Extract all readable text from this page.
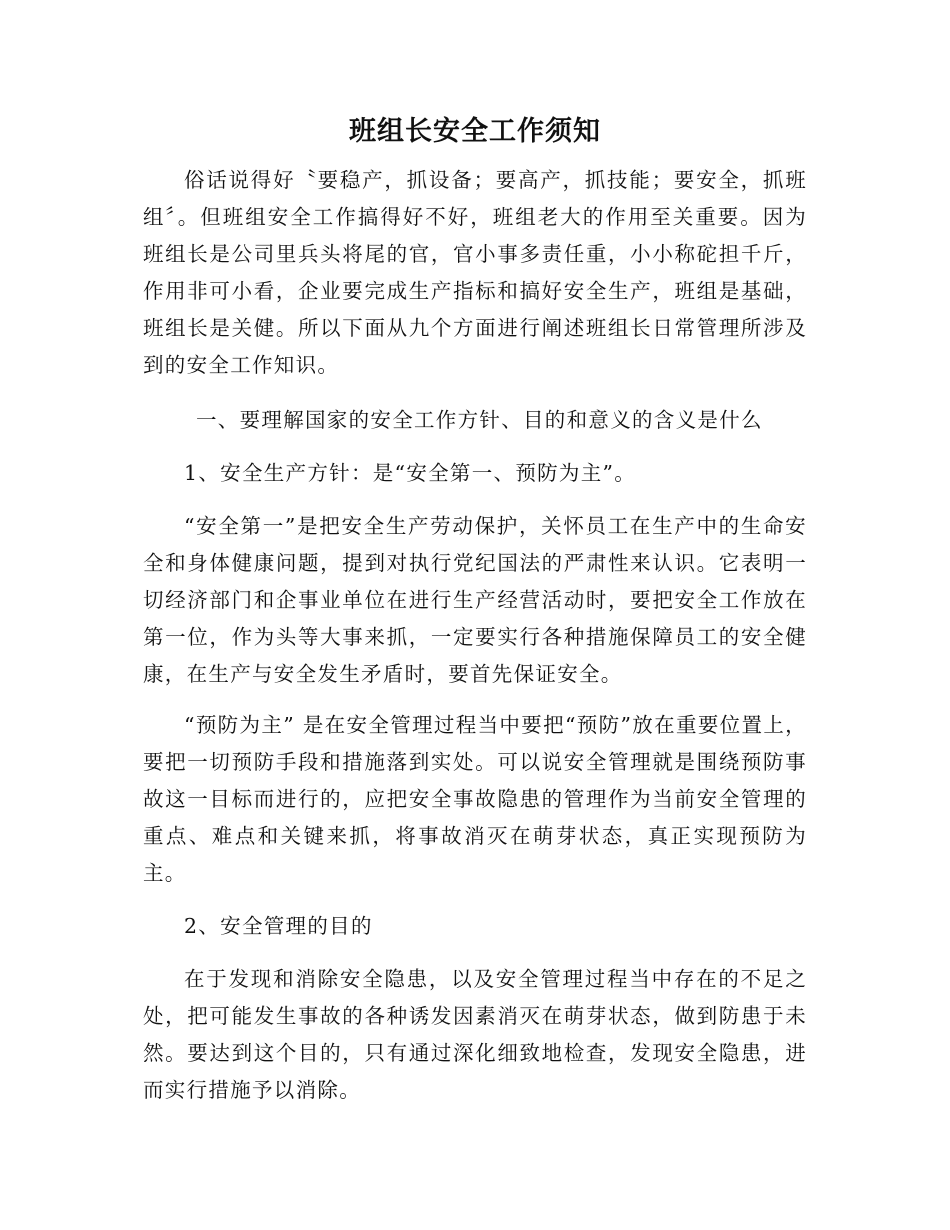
班组长安全工作须知

俗话说得好〝要稳产，抓设备；要高产，抓技能；要安全，抓班组〞。但班组安全工作搞得好不好，班组老大的作用至关重要。因为班组长是公司里兵头将尾的官，官小事多责任重，小小称砣担千斤，作用非可小看，企业要完成生产指标和搞好安全生产，班组是基础，班组长是关健。所以下面从九个方面进行阐述班组长日常管理所涉及到的安全工作知识。

一、要理解国家的安全工作方针、目的和意义的含义是什么

1、安全生产方针：是“安全第一、预防为主”。

“安全第一”是把安全生产劳动保护，关怀员工在生产中的生命安全和身体健康问题，提到对执行党纪国法的严肃性来认识。它表明一切经济部门和企事业单位在进行生产经营活动时，要把安全工作放在第一位，作为头等大事来抓，一定要实行各种措施保障员工的安全健康，在生产与安全发生矛盾时，要首先保证安全。

“预防为主” 是在安全管理过程当中要把“预防”放在重要位置上，要把一切预防手段和措施落到实处。可以说安全管理就是围绕预防事故这一目标而进行的，应把安全事故隐患的管理作为当前安全管理的重点、难点和关键来抓，将事故消灭在萌芽状态，真正实现预防为主。

2、安全管理的目的

在于发现和消除安全隐患，以及安全管理过程当中存在的不足之处，把可能发生事故的各种诱发因素消灭在萌芽状态，做到防患于未然。要达到这个目的，只有通过深化细致地检查，发现安全隐患，进而实行措施予以消除。
